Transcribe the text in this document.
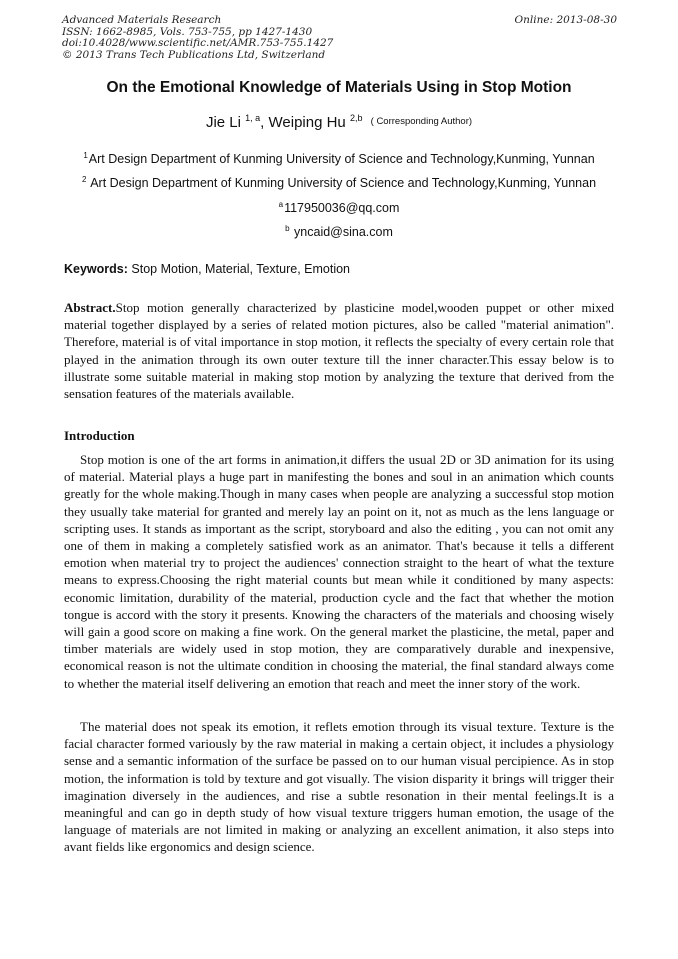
Advanced Materials Research
ISSN: 1662-8985, Vols. 753-755, pp 1427-1430
doi:10.4028/www.scientific.net/AMR.753-755.1427
© 2013 Trans Tech Publications Ltd, Switzerland
Online: 2013-08-30
On the Emotional Knowledge of Materials Using in Stop Motion
Jie Li $^{1, a}$, Weiping Hu $^{2,b}$ $^{( Corresponding Author)}$
$^1$Art Design Department of Kunming University of Science and Technology,Kunming, Yunnan
$^2$ Art Design Department of Kunming University of Science and Technology,Kunming, Yunnan
$^a$117950036@qq.com
$^b$ yncaid@sina.com
Keywords: Stop Motion, Material, Texture, Emotion
Abstract.Stop motion generally characterized by plasticine model,wooden puppet or other mixed material together displayed by a series of related motion pictures, also be called "material animation". Therefore, material is of vital importance in stop motion, it reflects the specialty of every certain role that played in the animation through its own outer texture till the inner character.This essay below is to illustrate some suitable material in making stop motion by analyzing the texture that derived from the sensation features of the materials available.
Introduction
Stop motion is one of the art forms in animation,it differs the usual 2D or 3D animation for its using of material. Material plays a huge part in manifesting the bones and soul in an animation which counts greatly for the whole making.Though in many cases when people are analyzing a successful stop motion they usually take material for granted and merely lay an point on it, not as much as the lens language or scripting uses. It stands as important as the script, storyboard and also the editing , you can not omit any one of them in making a completely satisfied work as an animator. That's because it tells a different emotion when material try to project the audiences' connection straight to the heart of what the texture means to express.Choosing the right material counts but mean while it conditioned by many aspects: economic limitation, durability of the material, production cycle and the fact that whether the motion tongue is accord with the story it presents. Knowing the characters of the materials and choosing wisely will gain a good score on making a fine work. On the general market the plasticine, the metal, paper and timber materials are widely used in stop motion, they are comparatively durable and inexpensive, economical reason is not the ultimate condition in choosing the material, the final standard always come to whether the material itself delivering an emotion that reach and meet the inner story of the work.
The material does not speak its emotion, it reflets emotion through its visual texture. Texture is the facial character formed variously by the raw material in making a certain object, it includes a physiology sense and a semantic information of the surface be passed on to our human visual percipience. As in stop motion, the information is told by texture and got visually. The vision disparity it brings will trigger their imagination diversely in the audiences, and rise a subtle resonation in their mental feelings.It is a meaningful and can go in depth study of how visual texture triggers human emotion, the usage of the language of materials are not limited in making or analyzing an excellent animation, it also steps into avant fields like ergonomics and design science.
